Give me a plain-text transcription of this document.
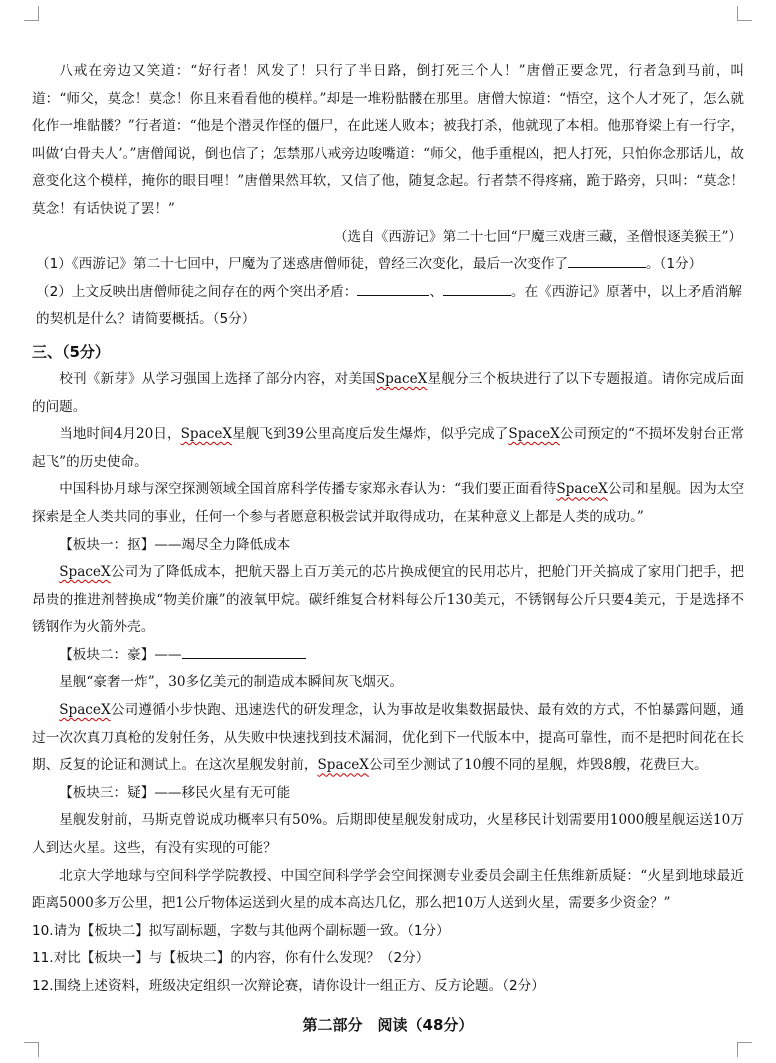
八戒在旁边又笑道：“好行者！风发了！只行了半日路，倒打死三个人！”唐僧正要念咒，行者急到马前，叫道：“师父，莫念！莫念！你且来看看他的模样。”却是一堆粉骷髅在那里。唐僧大惊道：“悟空，这个人才死了，怎么就化作一堆骷髅？”行者道：“他是个潜灵作怪的僵尸，在此迷人败本；被我打杀，他就现了本相。他那脊梁上有一行字，叫做‘白骨夫人’。”唐僧闻说，倒也信了；怎禁那八戒旁边唆嘴道：“师父，他手重棍凶，把人打死，只怕你念那话儿，故意变化这个模样，掩你的眼目哩！”唐僧果然耳软，又信了他，随复念起。行者禁不得疼痛，跪于路旁，只叫：“莫念！莫念！有话快说了罢！”

（选自《西游记》第二十七回“尸魔三戏唐三藏，圣僧恨逐美猴王”）

（1）《西游记》第二十七回中，尸魔为了迷惑唐僧师徒，曾经三次变化，最后一次变作了	。（1分）

（2）上文反映出唐僧师徒之间存在的两个突出矛盾：	、	。在《西游记》原著中，以上矛盾消解的契机是什么？请简要概括。（5分）

三、（5分）

校刊《新芽》从学习强国上选择了部分内容，对美国SpaceX星舰分三个板块进行了以下专题报道。请你完成后面的问题。

当地时间4月20日，SpaceX星舰飞到39公里高度后发生爆炸，似乎完成了SpaceX公司预定的“不损坏发射台正常起飞”的历史使命。

中国科协月球与深空探测领域全国首席科学传播专家郑永春认为：“我们要正面看待SpaceX公司和星舰。因为太空探索是全人类共同的事业，任何一个参与者愿意积极尝试并取得成功，在某种意义上都是人类的成功。”

【板块一：抠】——竭尽全力降低成本

SpaceX公司为了降低成本，把航天器上百万美元的芯片换成便宜的民用芯片，把舱门开关搞成了家用门把手，把昂贵的推进剂替换成“物美价廉”的液氧甲烷。碳纤维复合材料每公斤130美元，不锈钢每公斤只要4美元，于是选择不锈钢作为火箭外壳。

【板块二：豪】——

星舰“豪奢一炸”，30多亿美元的制造成本瞬间灰飞烟灭。

SpaceX公司遵循小步快跑、迅速迭代的研发理念，认为事故是收集数据最快、最有效的方式，不怕暴露问题，通过一次次真刀真枪的发射任务，从失败中快速找到技术漏洞，优化到下一代版本中，提高可靠性，而不是把时间花在长期、反复的论证和测试上。在这次星舰发射前，SpaceX公司至少测试了10艘不同的星舰，炸毁8艘，花费巨大。

【板块三：疑】——移民火星有无可能

星舰发射前，马斯克曾说成功概率只有50%。后期即使星舰发射成功，火星移民计划需要用1000艘星舰运送10万人到达火星。这些，有没有实现的可能？

北京大学地球与空间科学学院教授、中国空间科学学会空间探测专业委员会副主任焦维新质疑：“火星到地球最近距离5000多万公里，把1公斤物体运送到火星的成本高达几亿，那么把10万人送到火星，需要多少资金？”

10.请为【板块二】拟写副标题，字数与其他两个副标题一致。（1分）

11.对比【板块一】与【板块二】的内容，你有什么发现？（2分）

12.围绕上述资料，班级决定组织一次辩论赛，请你设计一组正方、反方论题。（2分）

第二部分　阅读（48分）
